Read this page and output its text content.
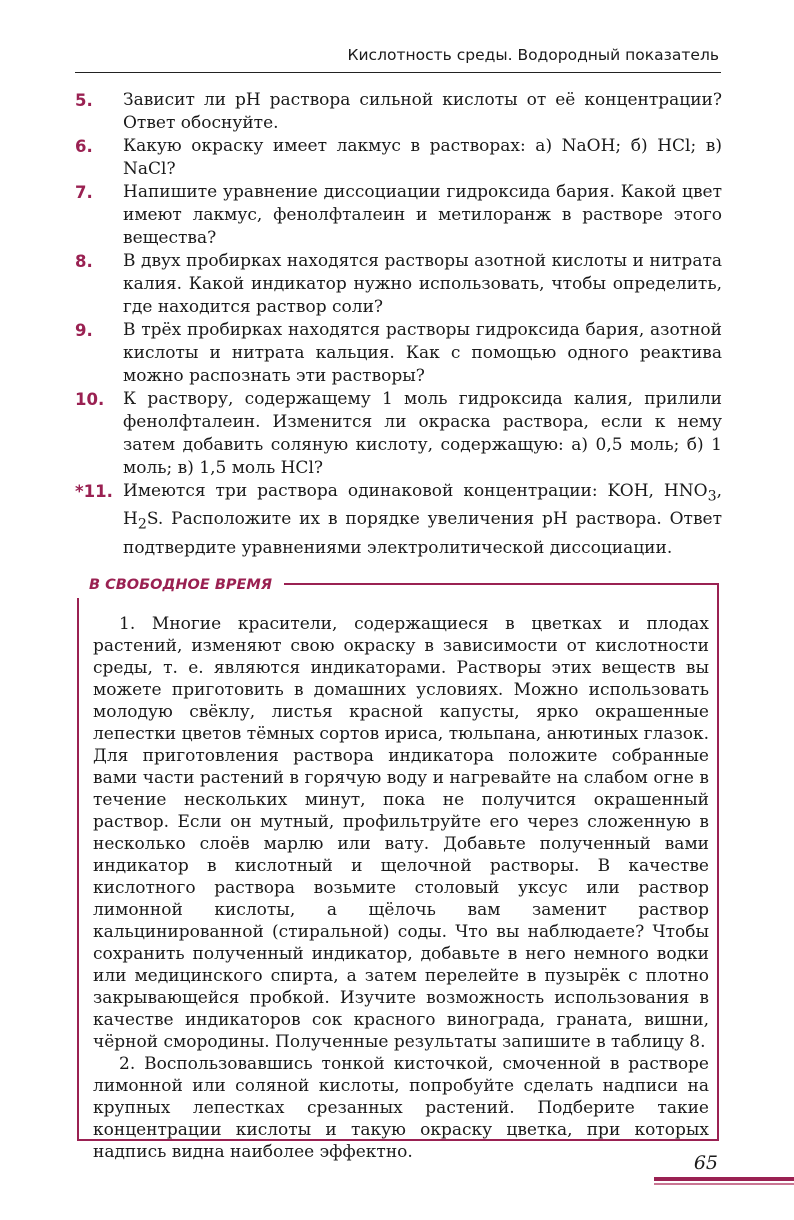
Кислотность среды. Водородный показатель
5.	Зависит ли pH раствора сильной кислоты от её концентрации? Ответ обоснуйте.
6.	Какую окраску имеет лакмус в растворах: а) NaOH; б) HCl; в) NaCl?
7.	Напишите уравнение диссоциации гидроксида бария. Какой цвет имеют лакмус, фенолфталеин и метилоранж в растворе этого вещества?
8.	В двух пробирках находятся растворы азотной кислоты и нитрата калия. Какой индикатор нужно использовать, чтобы определить, где находится раствор соли?
9.	В трёх пробирках находятся растворы гидроксида бария, азотной кислоты и нитрата кальция. Как с помощью одного реактива можно распознать эти растворы?
10.	К раствору, содержащему 1 моль гидроксида калия, прилили фенолфталеин. Изменится ли окраска раствора, если к нему затем добавить соляную кислоту, содержащую: а) 0,5 моль; б) 1 моль; в) 1,5 моль HCl?
*11. Имеются три раствора одинаковой концентрации: KOH, $HNO_3$, $H_2S$. Расположите их в порядке увеличения pH раствора. Ответ подтвердите уравнениями электролитической диссоциации.
В СВОБОДНОЕ ВРЕМЯ

1. Многие красители, содержащиеся в цветках и плодах растений, изменяют свою окраску в зависимости от кислотности среды, т. е. являются индикаторами. Растворы этих веществ вы можете приготовить в домашних условиях. Можно использовать молодую свёклу, листья красной капусты, ярко окрашенные лепестки цветов тёмных сортов ириса, тюльпана, анютиных глазок. Для приготовления раствора индикатора положите собранные вами части растений в горячую воду и нагревайте на слабом огне в течение нескольких минут, пока не получится окрашенный раствор. Если он мутный, профильтруйте его через сложенную в несколько слоёв марлю или вату. Добавьте полученный вами индикатор в кислотный и щелочной растворы. В качестве кислотного раствора возьмите столовый уксус или раствор лимонной кислоты, а щёлочь вам заменит раствор кальцинированной (стиральной) соды. Что вы наблюдаете? Чтобы сохранить полученный индикатор, добавьте в него немного водки или медицинского спирта, а затем перелейте в пузырёк с плотно закрывающейся пробкой. Изучите возможность использования в качестве индикаторов сок красного винограда, граната, вишни, чёрной смородины. Полученные результаты запишите в таблицу 8.

2. Воспользовавшись тонкой кисточкой, смоченной в растворе лимонной или соляной кислоты, попробуйте сделать надписи на крупных лепестках срезанных растений. Подберите такие концентрации кислоты и такую окраску цветка, при которых надпись видна наиболее эффектно.	65
